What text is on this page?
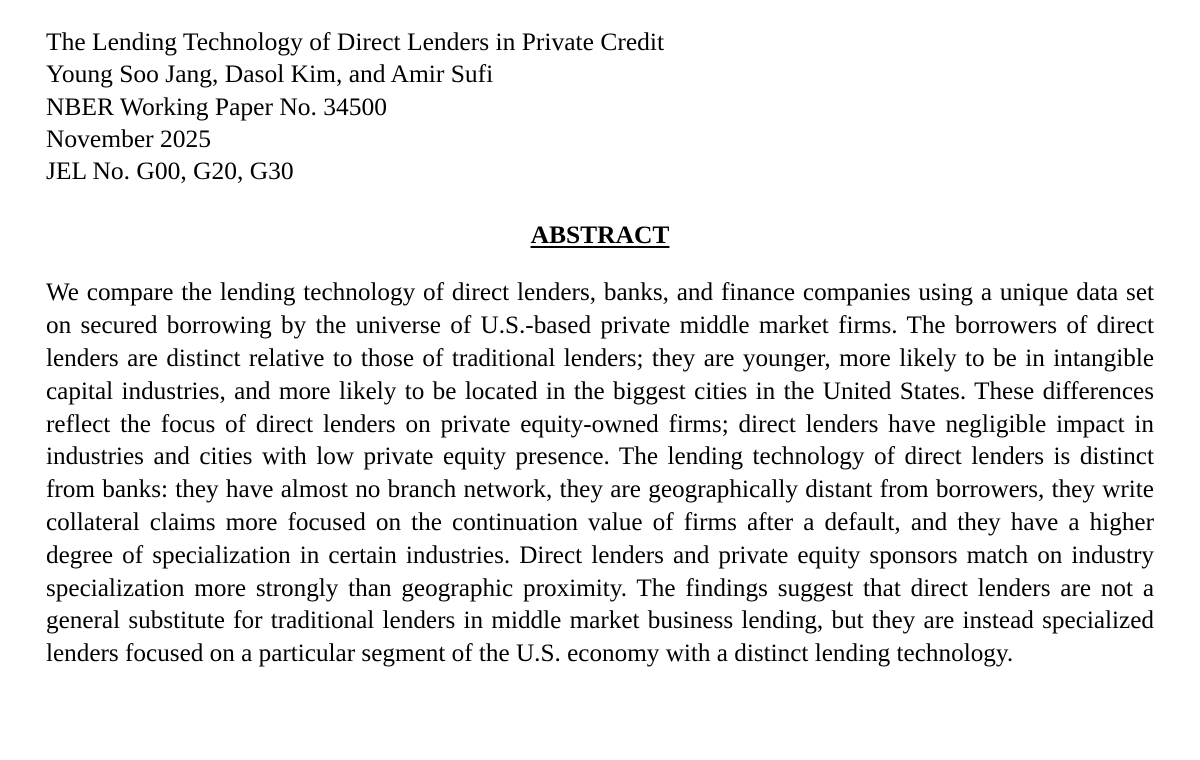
The Lending Technology of Direct Lenders in Private Credit
Young Soo Jang, Dasol Kim, and Amir Sufi
NBER Working Paper No. 34500
November 2025
JEL No. G00, G20, G30
ABSTRACT

We compare the lending technology of direct lenders, banks, and finance companies using a unique data set on secured borrowing by the universe of U.S.-based private middle market firms. The borrowers of direct lenders are distinct relative to those of traditional lenders; they are younger, more likely to be in intangible capital industries, and more likely to be located in the biggest cities in the United States. These differences reflect the focus of direct lenders on private equity-owned firms; direct lenders have negligible impact in industries and cities with low private equity presence. The lending technology of direct lenders is distinct from banks: they have almost no branch network, they are geographically distant from borrowers, they write collateral claims more focused on the continuation value of firms after a default, and they have a higher degree of specialization in certain industries. Direct lenders and private equity sponsors match on industry specialization more strongly than geographic proximity. The findings suggest that direct lenders are not a general substitute for traditional lenders in middle market business lending, but they are instead specialized lenders focused on a particular segment of the U.S. economy with a distinct lending technology.
